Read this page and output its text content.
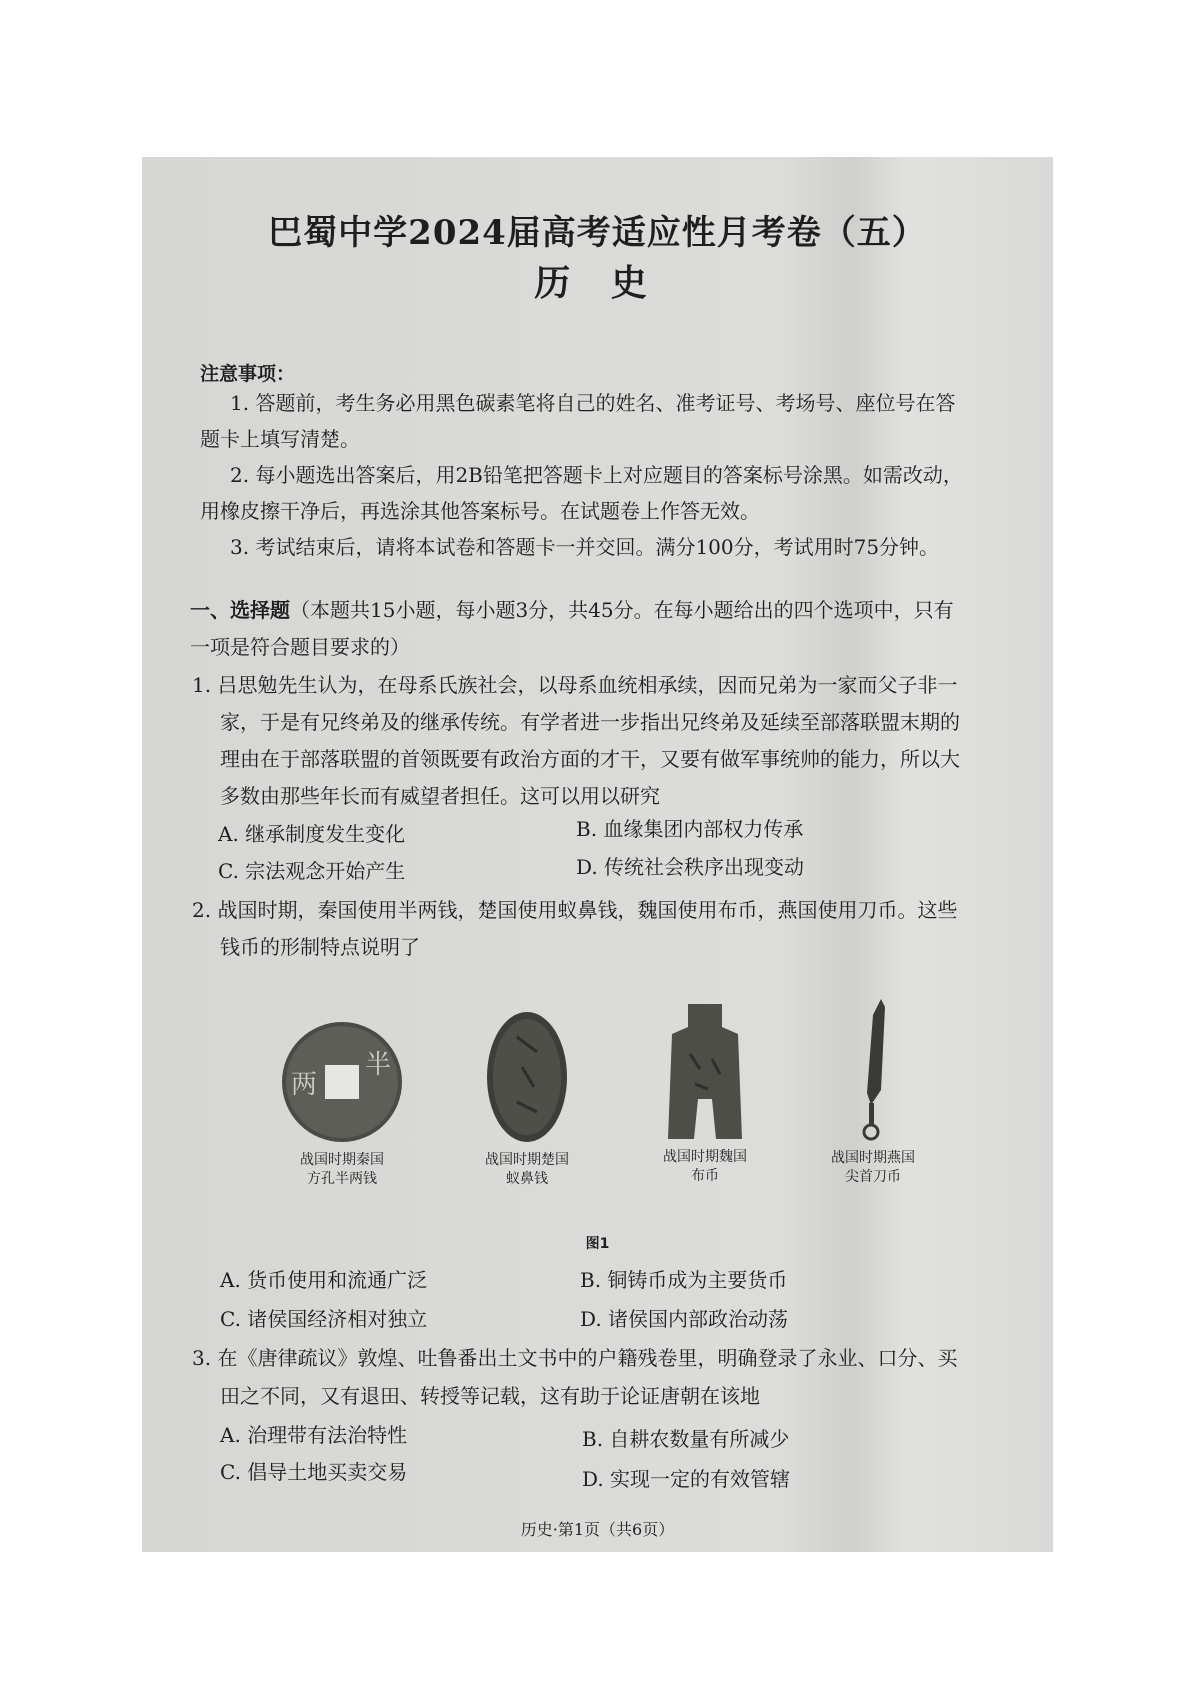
巴蜀中学2024届高考适应性月考卷（五）
历 史
注意事项：
1. 答题前，考生务必用黑色碳素笔将自己的姓名、准考证号、考场号、座位号在答
题卡上填写清楚。
2. 每小题选出答案后，用2B铅笔把答题卡上对应题目的答案标号涂黑。如需改动，
用橡皮擦干净后，再选涂其他答案标号。在试题卷上作答无效。
3. 考试结束后，请将本试卷和答题卡一并交回。满分100分，考试用时75分钟。
一、选择题（本题共15小题，每小题3分，共45分。在每小题给出的四个选项中，只有
一项是符合题目要求的）
1. 吕思勉先生认为，在母系氏族社会，以母系血统相承续，因而兄弟为一家而父子非一
家，于是有兄终弟及的继承传统。有学者进一步指出兄终弟及延续至部落联盟末期的
理由在于部落联盟的首领既要有政治方面的才干，又要有做军事统帅的能力，所以大
多数由那些年长而有威望者担任。这可以用以研究
A. 继承制度发生变化	B. 血缘集团内部权力传承
C. 宗法观念开始产生	D. 传统社会秩序出现变动
2. 战国时期，秦国使用半两钱，楚国使用蚁鼻钱，魏国使用布币，燕国使用刀币。这些
钱币的形制特点说明了
两
半
战国时期秦国
方孔半两钱
战国时期楚国
蚁鼻钱
战国时期魏国
布币
战国时期燕国
尖首刀币
图1
A. 货币使用和流通广泛	B. 铜铸币成为主要货币
C. 诸侯国经济相对独立	D. 诸侯国内部政治动荡
3. 在《唐律疏议》敦煌、吐鲁番出土文书中的户籍残卷里，明确登录了永业、口分、买
田之不同，又有退田、转授等记载，这有助于论证唐朝在该地
A. 治理带有法治特性	B. 自耕农数量有所减少
C. 倡导土地买卖交易	D. 实现一定的有效管辖
历史·第1页（共6页）
